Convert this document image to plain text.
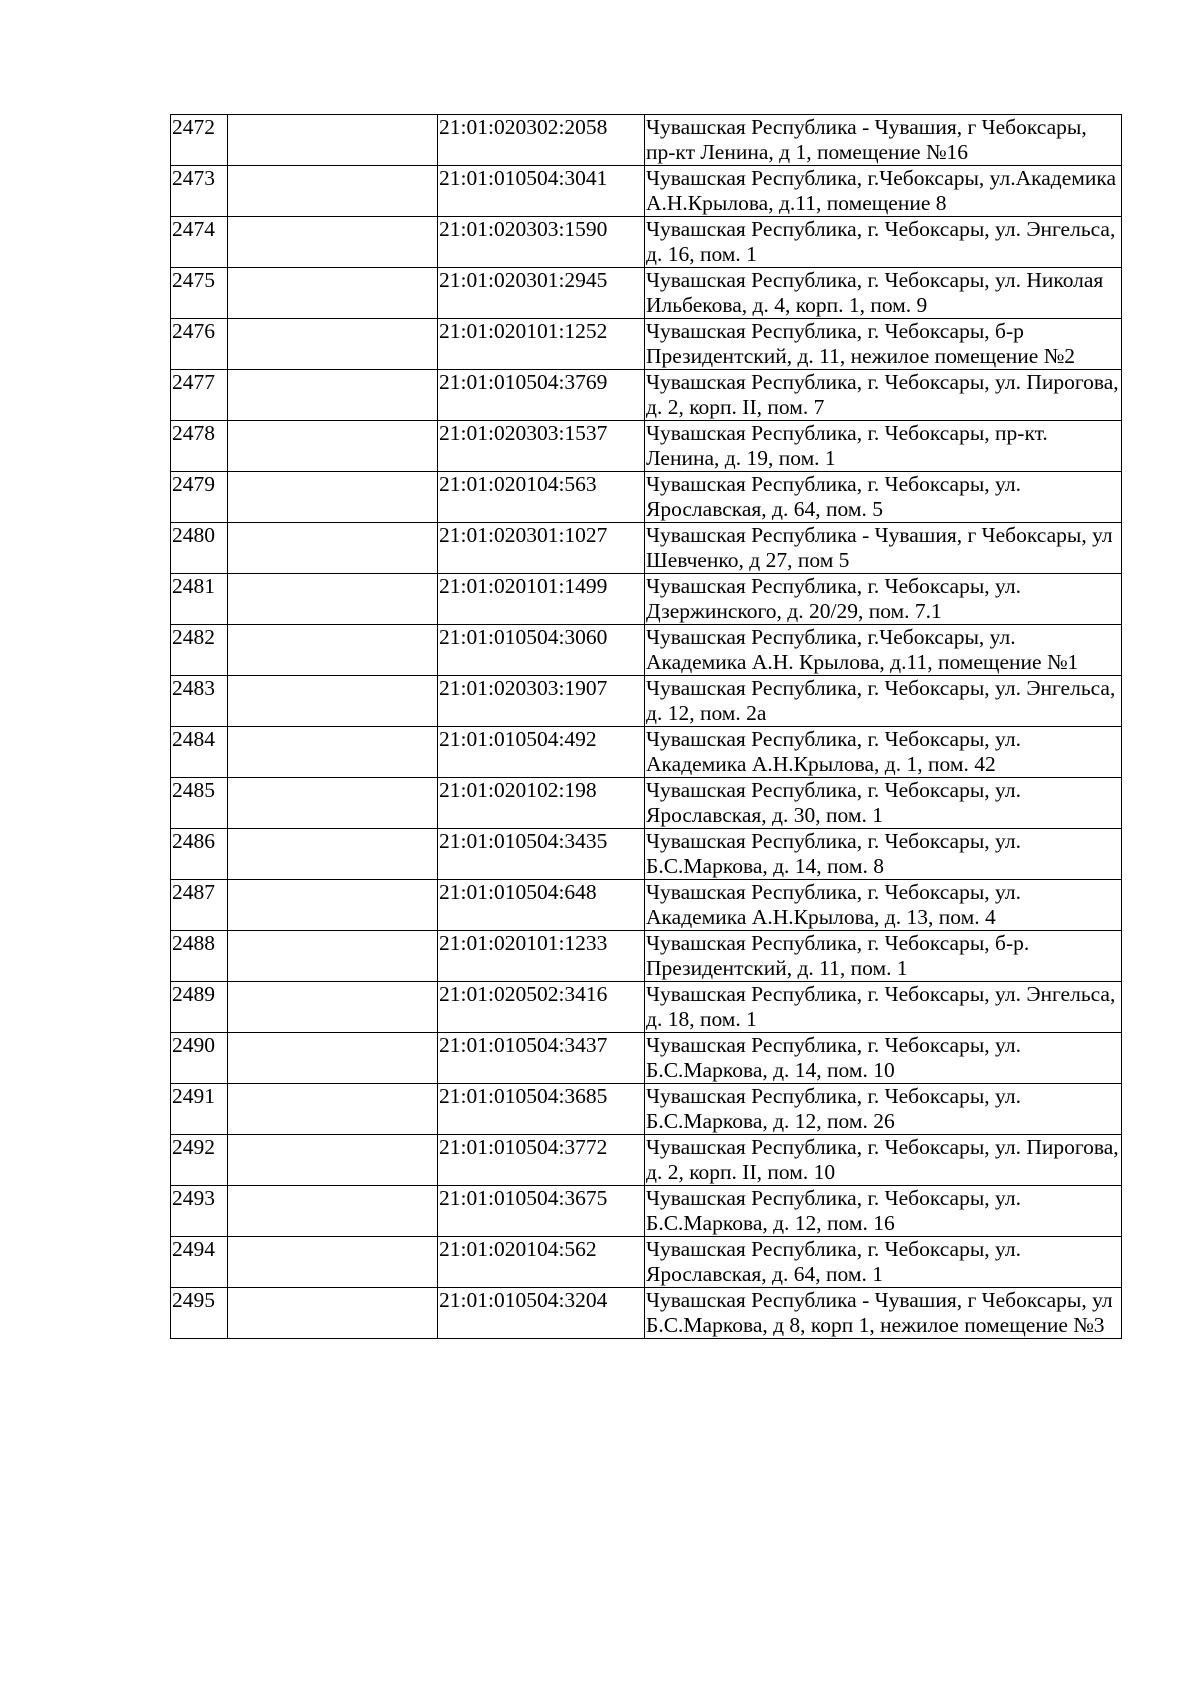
2472		21:01:020302:2058	Чувашская Республика - Чувашия, г Чебоксары, пр-кт Ленина, д 1, помещение №16
2473		21:01:010504:3041	Чувашская Республика, г.Чебоксары, ул.Академика А.Н.Крылова, д.11, помещение 8
2474		21:01:020303:1590	Чувашская Республика, г. Чебоксары, ул. Энгельса, д. 16, пом. 1
2475		21:01:020301:2945	Чувашская Республика, г. Чебоксары, ул. Николая Ильбекова, д. 4, корп. 1, пом. 9
2476		21:01:020101:1252	Чувашская Республика, г. Чебоксары, б-р Президентский, д. 11, нежилое помещение №2
2477		21:01:010504:3769	Чувашская Республика, г. Чебоксары, ул. Пирогова, д. 2, корп. II, пом. 7
2478		21:01:020303:1537	Чувашская Республика, г. Чебоксары, пр-кт. Ленина, д. 19, пом. 1
2479		21:01:020104:563	Чувашская Республика, г. Чебоксары, ул. Ярославская, д. 64, пом. 5
2480		21:01:020301:1027	Чувашская Республика - Чувашия, г Чебоксары, ул Шевченко, д 27, пом 5
2481		21:01:020101:1499	Чувашская Республика, г. Чебоксары, ул. Дзержинского, д. 20/29, пом. 7.1
2482		21:01:010504:3060	Чувашская Республика, г.Чебоксары, ул. Академика А.Н. Крылова, д.11, помещение №1
2483		21:01:020303:1907	Чувашская Республика, г. Чебоксары, ул. Энгельса, д. 12, пом. 2а
2484		21:01:010504:492	Чувашская Республика, г. Чебоксары, ул. Академика А.Н.Крылова, д. 1, пом. 42
2485		21:01:020102:198	Чувашская Республика, г. Чебоксары, ул. Ярославская, д. 30, пом. 1
2486		21:01:010504:3435	Чувашская Республика, г. Чебоксары, ул. Б.С.Маркова, д. 14, пом. 8
2487		21:01:010504:648	Чувашская Республика, г. Чебоксары, ул. Академика А.Н.Крылова, д. 13, пом. 4
2488		21:01:020101:1233	Чувашская Республика, г. Чебоксары, б-р. Президентский, д. 11, пом. 1
2489		21:01:020502:3416	Чувашская Республика, г. Чебоксары, ул. Энгельса, д. 18, пом. 1
2490		21:01:010504:3437	Чувашская Республика, г. Чебоксары, ул. Б.С.Маркова, д. 14, пом. 10
2491		21:01:010504:3685	Чувашская Республика, г. Чебоксары, ул. Б.С.Маркова, д. 12, пом. 26
2492		21:01:010504:3772	Чувашская Республика, г. Чебоксары, ул. Пирогова, д. 2, корп. II, пом. 10
2493		21:01:010504:3675	Чувашская Республика, г. Чебоксары, ул. Б.С.Маркова, д. 12, пом. 16
2494		21:01:020104:562	Чувашская Республика, г. Чебоксары, ул. Ярославская, д. 64, пом. 1
2495		21:01:010504:3204	Чувашская Республика - Чувашия, г Чебоксары, ул Б.С.Маркова, д 8, корп 1, нежилое помещение №3
